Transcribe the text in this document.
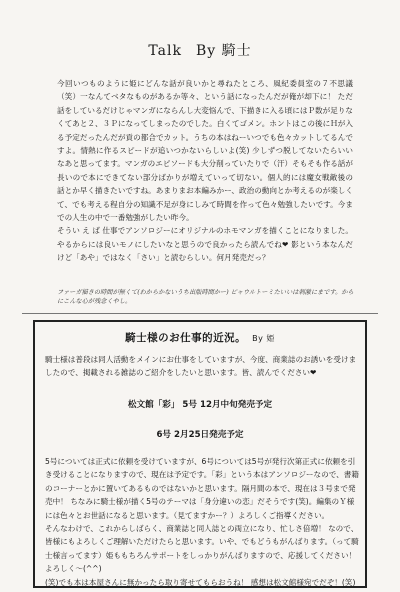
Talk By 騎士

今回いつものように姫にどんな話が良いかと尋ねたところ、風紀委員室の７不思議（笑）一なんてベタなものがあるか等々、という話になったんだが俺が却下に！ ただ話をしているだけじゃマンガにならんし大変悩んで、下描きに入る頃にはＰ数が足りなくてあと２、３Ｐになってしまったのでした。白くてゴメン。ホントはこの後にＨが入る予定だったんだが貢の都合でカット。うちの本はねーいつでも色々カットしてるんですよ。情熱に作るスピードが追いつかないらしいよ(笑) 少しずつ脱してないたらいいなあと思ってます。マンガのエピソードも大分削っていたりで（汗）そもそも作る話が長いので本にできてない部分ばかりが増えていって切ない。個人的には魔女戦敵後の話とか早く描きたいですね。あまりまお本編みかー、政治の動向とか考えるのが楽しくて、でも考える程自分の知識不足が身にしみて時間を作って色々勉強したいです。今までの人生の中で一番勉強がしたい昨今。

そうい え ば 仕事でアンソロジーにオリジナルのホモマンガを描くことになりました。やるからには良いモノにしたいなと思うので良かったら読んでね❤ 影という本なんだけど「あや」ではなく「さい」と読むらしい。何月発売だっ？

ファーガ描きの時間が無くて(わからかないうち出版時間かー) ピャウルトーミたいいは刺激にまです。からにこんな心が残念くやし。
騎士様のお仕事的近況。 By 姫

騎士様は普段は同人活動をメインにお仕事をしていますが、今度、商業誌のお誘いを受けましたので、掲載される雑誌のご紹介をしたいと思います。皆、読んでください❤

松文館「彩」 5号 12月中旬発売予定
6号 2月25日発売予定

5号については正式に依頼を受けていますが、6号については5号が発行次第正式に依頼を引き受けることになりますので、現在は予定です。「彩」という本はアンソロジーなので、書籍のコーナーとかに置いてあるものではないかと思います。隔月間の本で、現在は３号まで発売中！ ちなみに騎士様が描く5号のテーマは「身分違いの恋」だそうです(笑)。編集のＹ様には色々とお世話になると思います。（見てますかー？）よろしくご指導ください。

そんなわけで、これからしばらく、商業誌と同人誌との両立になり、忙しさ倍増！ なので、皆様にもよろしくご理解いただけたらと思います。いや、でもどうもがんばります。（って騎士様言ってます）姫ももちろんサポートをしっかりがんばりますので、応援してください！

よろしく～(^^)

(笑)でも本は本屋さんに無かったら取り寄せてもらおうね！ 感想は松文館様宛でだぞ！(笑)
